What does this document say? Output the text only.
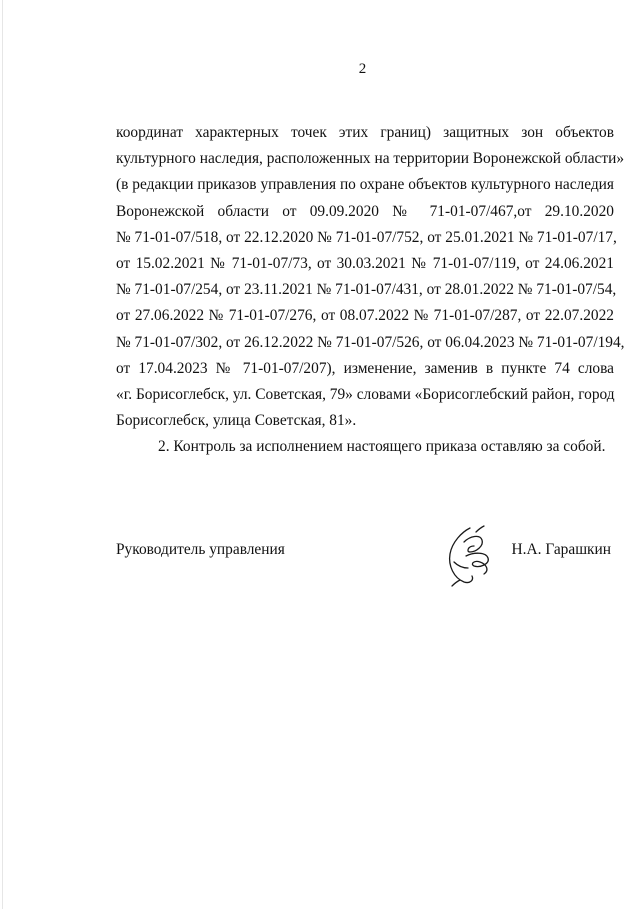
2
координат характерных точек этих границ) защитных зон объектов
культурного наследия, расположенных на территории Воронежской области»
(в редакции приказов управления по охране объектов культурного наследия
Воронежской области от 09.09.2020 № 71-01-07/467,от 29.10.2020
№ 71-01-07/518, от 22.12.2020 № 71-01-07/752, от 25.01.2021 № 71-01-07/17,
от 15.02.2021 № 71-01-07/73, от 30.03.2021 № 71-01-07/119, от 24.06.2021
№ 71-01-07/254, от 23.11.2021 № 71-01-07/431, от 28.01.2022 № 71-01-07/54,
от 27.06.2022 № 71-01-07/276, от 08.07.2022 № 71-01-07/287, от 22.07.2022
№ 71-01-07/302, от 26.12.2022 № 71-01-07/526, от 06.04.2023 № 71-01-07/194,
от 17.04.2023 № 71-01-07/207), изменение, заменив в пункте 74 слова
«г. Борисоглебск, ул. Советская, 79» словами «Борисоглебский район, город
Борисоглебск, улица Советская, 81».
2. Контроль за исполнением настоящего приказа оставляю за собой.
Руководитель управления	Н.А. Гарашкин
